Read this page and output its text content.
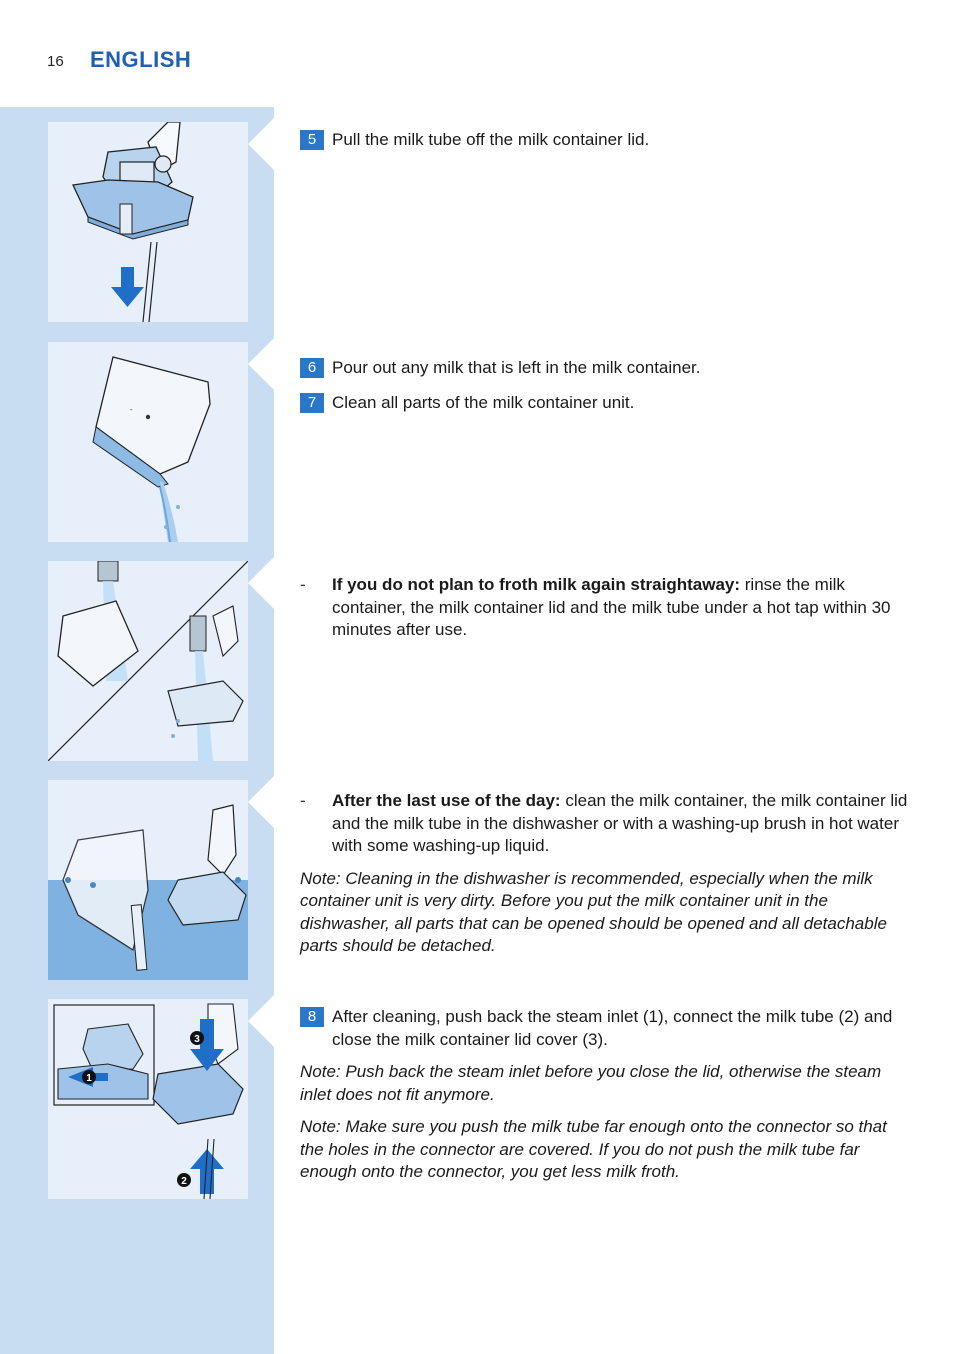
16 ENGLISH
-
1
2
3
5 Pull the milk tube off the milk container lid.
6 Pour out any milk that is left in the milk container.
7 Clean all parts of the milk container unit.
-	If you do not plan to froth milk again straightaway: rinse the milk container, the milk container lid and the milk tube under a hot tap within 30 minutes after use.
-	After the last use of the day: clean the milk container, the milk container lid and the milk tube in the dishwasher or with a washing-up brush in hot water with some washing-up liquid.
Note: Cleaning in the dishwasher is recommended, especially when the milk container unit is very dirty. Before you put the milk container unit in the dishwasher, all parts that can be opened should be opened and all detachable parts should be detached.
8 After cleaning, push back the steam inlet (1), connect the milk tube (2) and close the milk container lid cover (3).
Note: Push back the steam inlet before you close the lid, otherwise the steam inlet does not fit anymore.
Note: Make sure you push the milk tube far enough onto the connector so that the holes in the connector are covered. If you do not push the milk tube far enough onto the connector, you get less milk froth.
